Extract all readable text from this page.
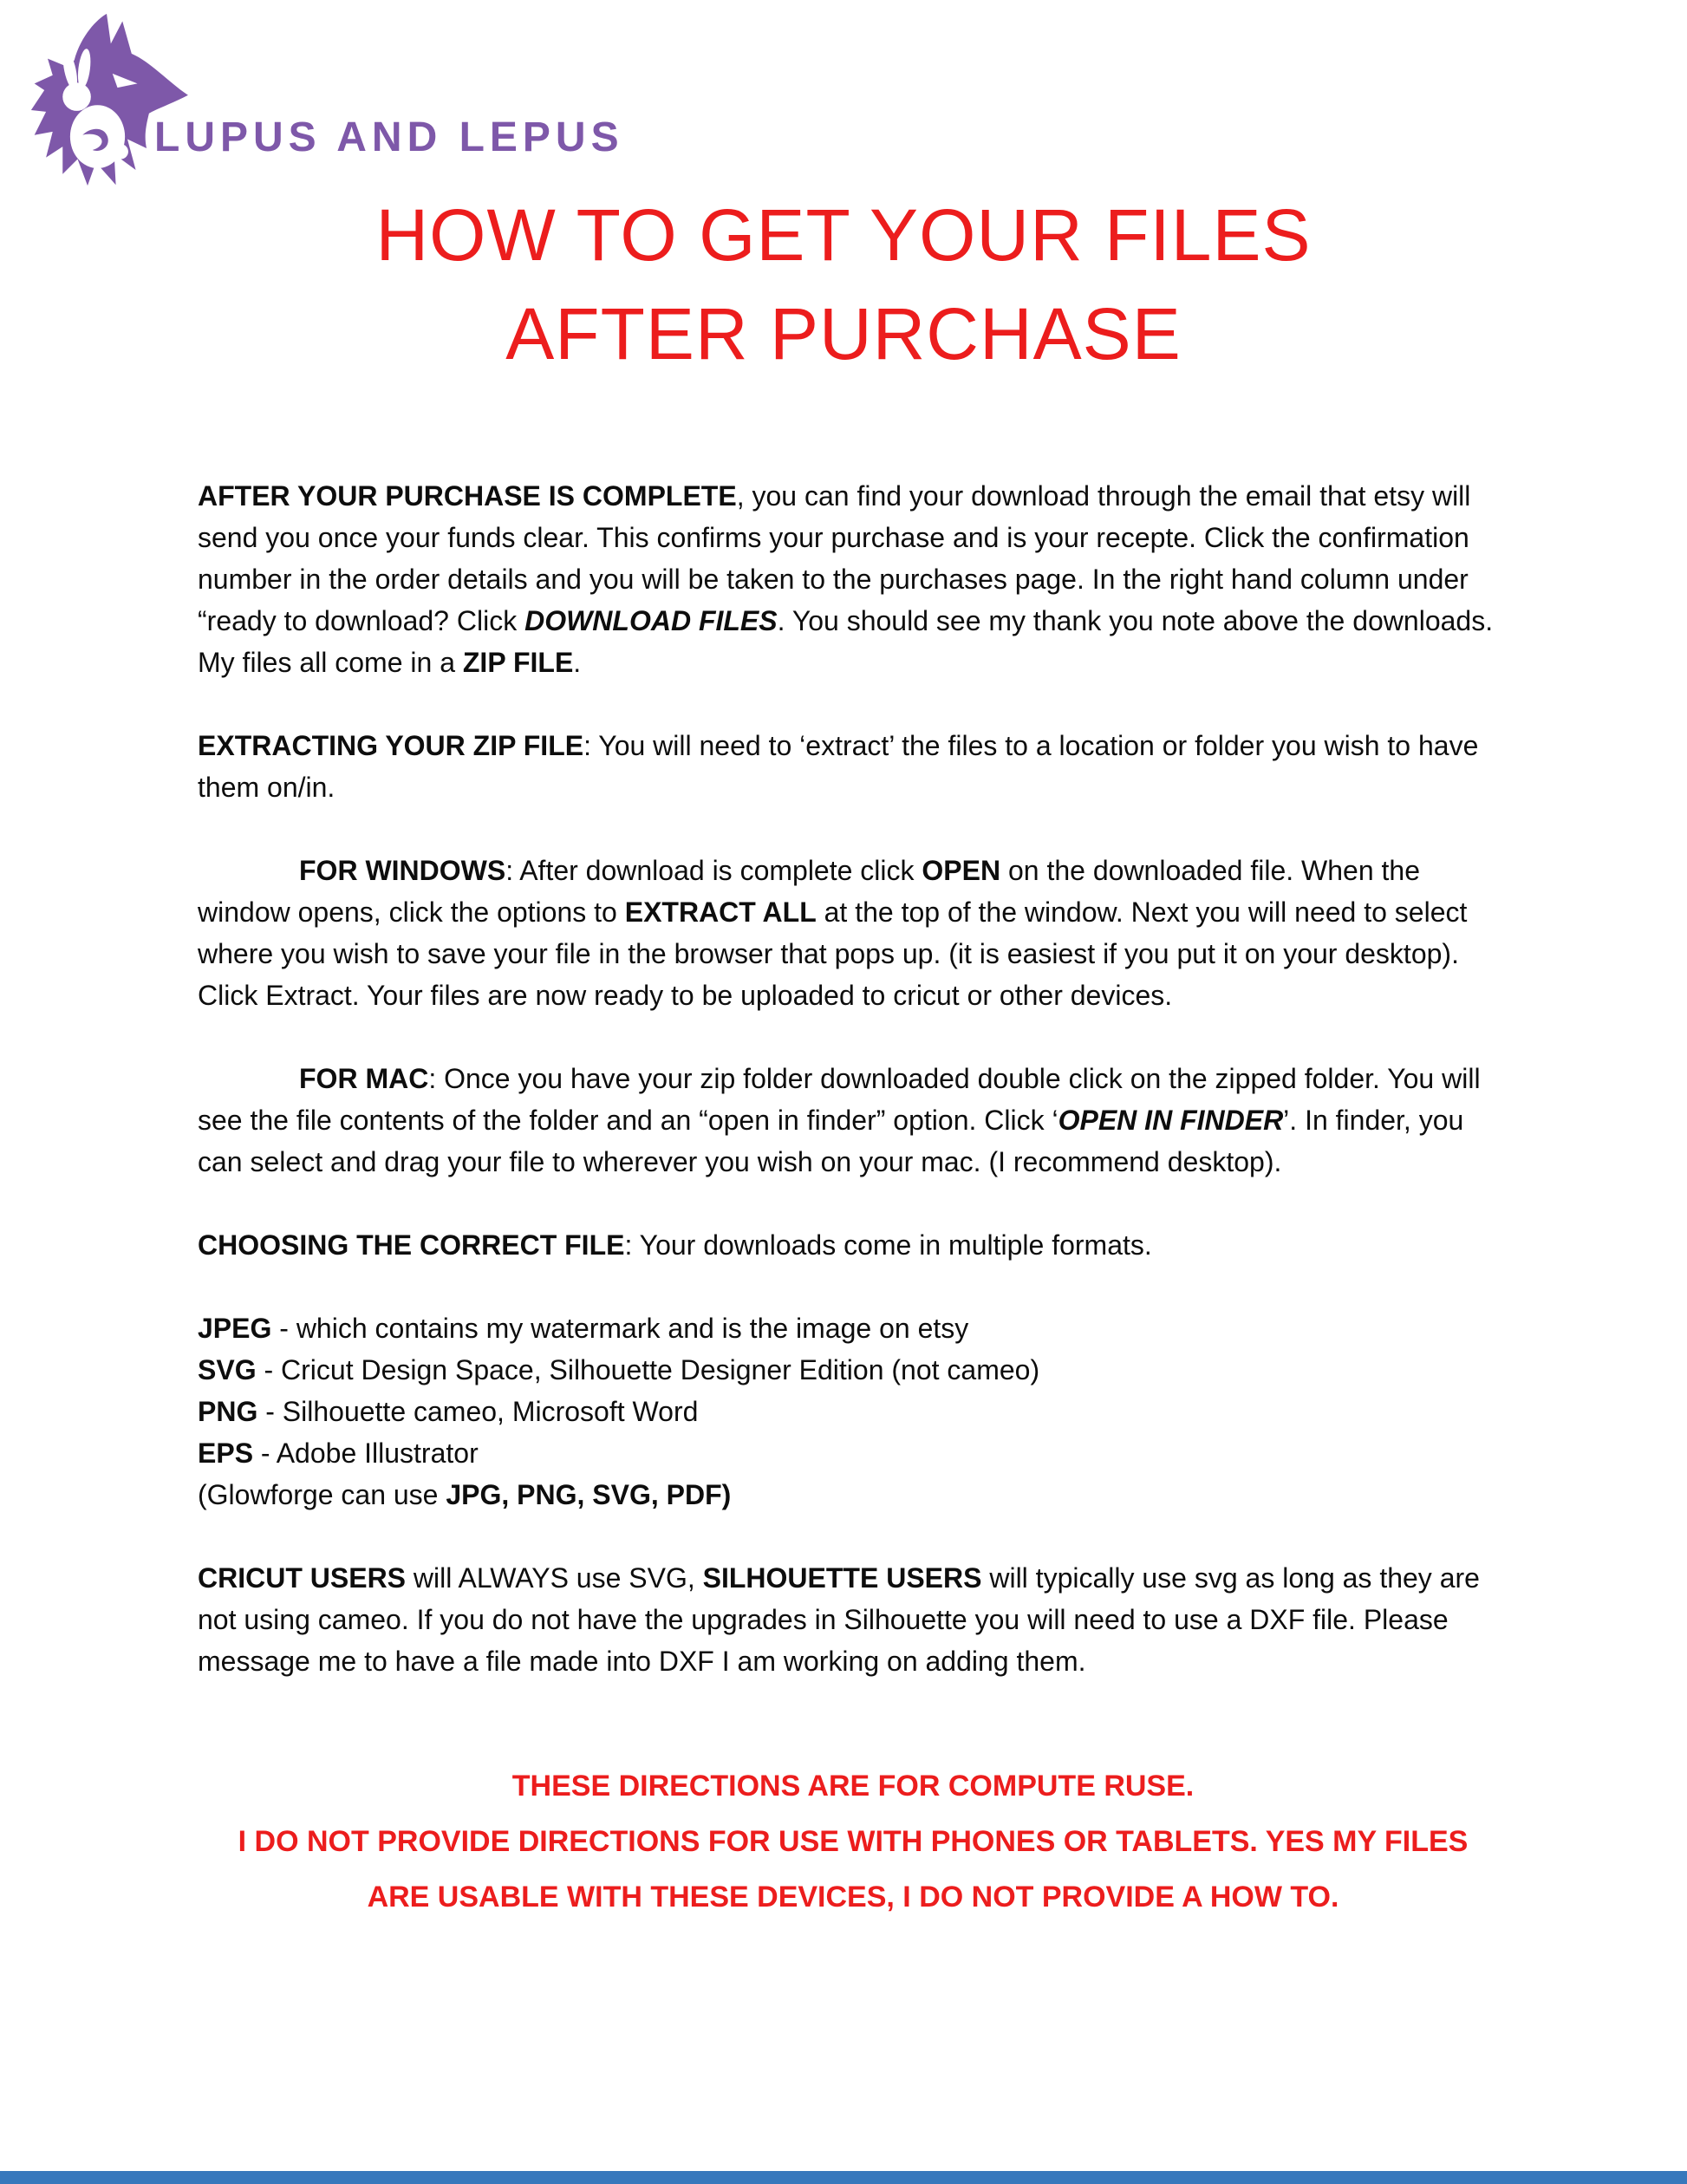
LUPUS AND LEPUS
HOW TO GET YOUR FILES
AFTER PURCHASE

AFTER YOUR PURCHASE IS COMPLETE, you can find your download through the email that etsy will send you once your funds clear. This confirms your purchase and is your recepte. Click the confirmation number in the order details and you will be taken to the purchases page. In the right hand column under “ready to download? Click DOWNLOAD FILES. You should see my thank you note above the downloads. My files all come in a ZIP FILE.

EXTRACTING YOUR ZIP FILE: You will need to ‘extract’ the files to a location or folder you wish to have them on/in.

FOR WINDOWS: After download is complete click OPEN on the downloaded file. When the window opens, click the options to EXTRACT ALL at the top of the window. Next you will need to select where you wish to save your file in the browser that pops up. (it is easiest if you put it on your desktop). Click Extract. Your files are now ready to be uploaded to cricut or other devices.

FOR MAC: Once you have your zip folder downloaded double click on the zipped folder. You will see the file contents of the folder and an “open in finder” option. Click ‘OPEN IN FINDER’. In finder, you can select and drag your file to wherever you wish on your mac. (I recommend desktop).

CHOOSING THE CORRECT FILE: Your downloads come in multiple formats.

JPEG - which contains my watermark and is the image on etsy
SVG - Cricut Design Space, Silhouette Designer Edition (not cameo)
PNG - Silhouette cameo, Microsoft Word
EPS - Adobe Illustrator
(Glowforge can use JPG, PNG, SVG, PDF)

CRICUT USERS will ALWAYS use SVG, SILHOUETTE USERS will typically use svg as long as they are not using cameo. If you do not have the upgrades in Silhouette you will need to use a DXF file. Please message me to have a file made into DXF I am working on adding them.

THESE DIRECTIONS ARE FOR COMPUTE RUSE.
I DO NOT PROVIDE DIRECTIONS FOR USE WITH PHONES OR TABLETS. YES MY FILES
ARE USABLE WITH THESE DEVICES, I DO NOT PROVIDE A HOW TO.
